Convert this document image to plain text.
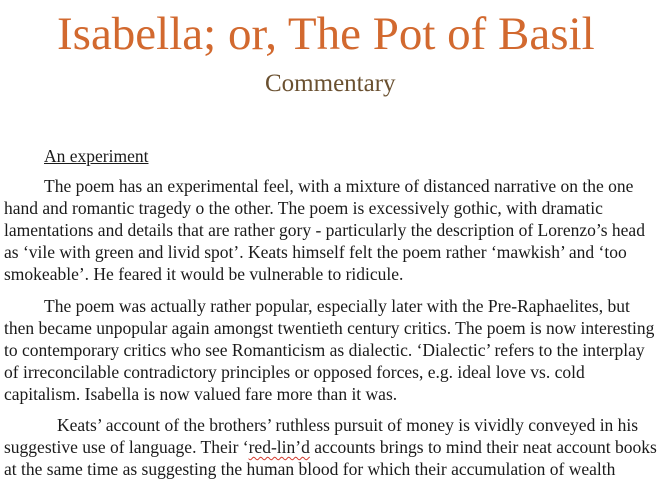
Isabella; or, The Pot of Basil
Commentary
An experiment

The poem has an experimental feel, with a mixture of distanced narrative on the one

hand and romantic tragedy o the other. The poem is excessively gothic, with dramatic

lamentations and details that are rather gory - particularly the description of Lorenzo’s head

as ‘vile with green and livid spot’. Keats himself felt the poem rather ‘mawkish’ and ‘too

smokeable’. He feared it would be vulnerable to ridicule.

The poem was actually rather popular, especially later with the Pre-Raphaelites, but

then became unpopular again amongst twentieth century critics. The poem is now interesting

to contemporary critics who see Romanticism as dialectic. ‘Dialectic’ refers to the interplay

of irreconcilable contradictory principles or opposed forces, e.g. ideal love vs. cold

capitalism. Isabella is now valued fare more than it was.

Keats’ account of the brothers’ ruthless pursuit of money is vividly conveyed in his

suggestive use of language. Their ‘red-lin’d accounts brings to mind their neat account books

at the same time as suggesting the human blood for which their accumulation of wealth
